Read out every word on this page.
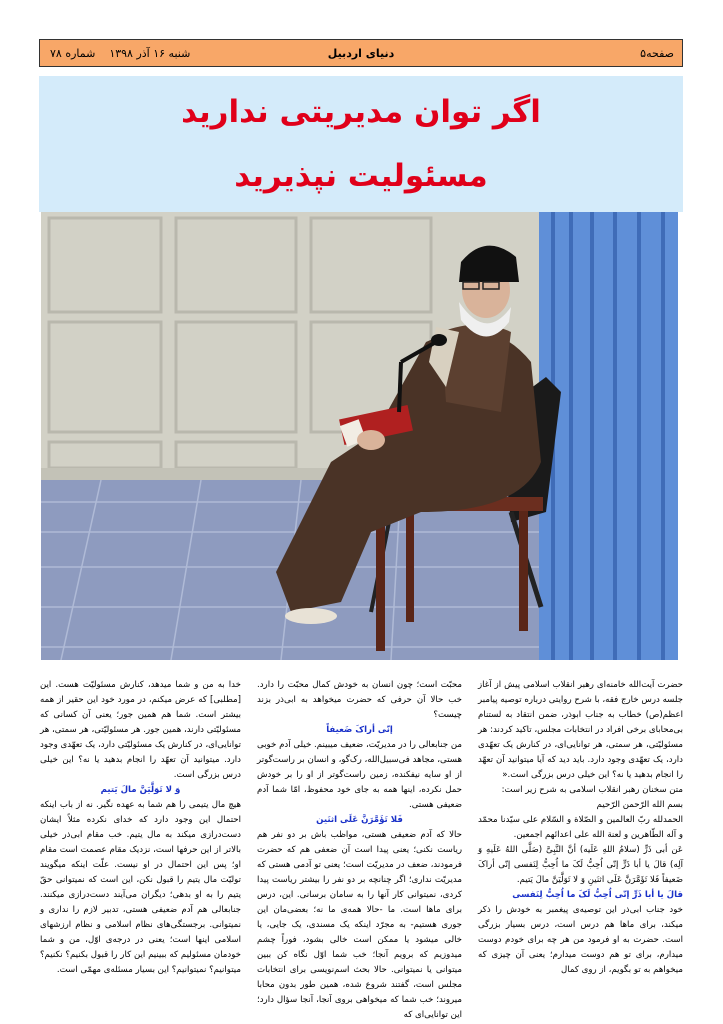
صفحه۵
دنیای اردبیل
شنبه ۱۶ آذر ۱۳۹۸    شماره ۷۸
اگر توان مدیریتی ندارید
مسئولیت نپذیرید

حضرت آیت‌الله خامنه‌ای رهبر انقلاب اسلامی پیش از آغاز جلسه درس خارج فقه، با شرح روایتی درباره توصیه پیامبر اعظم(ص) خطاب به جناب ابوذر، ضمن انتقاد به لستنام بی‌محابای برخی افراد در انتخابات مجلس، تاکید کردند: هر مسئولیّتی، هر سمتی، هر توانایی‌ای، در کنارش یک تعهّدی دارد، یک تعهّدی وجود دارد. باید دید که آیا میتوانید آن تعهّد را انجام بدهید یا نه؟ این خیلی درس بزرگی است.«

متن سخنان رهبر انقلاب اسلامی به شرح زیر است:

بسم الله الرّحمن الرّحیم

الحمدلله ربّ العالمین و الصّلاة و السّلام علی سیّدنا محمّد و آله الطّاهرین و لعنة الله علی اعدائهم اجمعین.

عَن أبی ذَرٍّ (سلامُ اللهِ عَلَیه) أنَّ النَّبِیَّ (صَلَّی اللهُ عَلَیهِ وَ آلِه) قالَ یا أبا ذَرٍّ إنّی اُحِبُّ لَکَ ما اُحِبُّ لِنَفسی إنّی أراکَ ضَعیفاً فَلا تَؤَمَّرَنَّ عَلَی اثنَینِ وَ لا تَوَلَّیَنَّ مالَ یَتیم.

قالَ یا أبا ذَرٍّ إنّی اُحِبُّ لَکَ ما اُحِبُّ لِنَفسی

خود جناب ابی‌ذر این توصیه‌ی پیغمبر به خودش را ذکر میکند، برای ماها هم درس است، درس بسیار بزرگی است. حضرت به او فرمود من هر چه برای خودم دوست میدارم، برای تو هم دوست میدارم؛ یعنی آن چیزی که میخواهم به تو بگویم، از روی کمال

محبّت است؛ چون انسان به خودش کمال محبّت را دارد. خب حالا آن حرفی که حضرت میخواهد به ابی‌ذر بزند چیست؟

إنّی أراکَ ضَعیفاً

من جنابعالی را در مدیریّت، ضعیف میبینم. خیلی آدم خوبی هستی، مجاهد فی‌سبیل‌الله، رک‌گو، و انسان بر راست‌گوتر از او سایه نیفکنده، زمین راست‌گوتر از او را بر خودش حمل نکرده، اینها همه به جای خود محفوظ، امّا شما آدم ضعیفی هستی.

فَلا تَؤَمَّرَنَّ عَلَی اثنَین

حالا که آدم ضعیفی هستی، مواظب باش بر دو نفر هم ریاست نکنی؛ یعنی پیدا است آن ضعفی هم که حضرت فرمودند، ضعف در مدیریّت است؛ یعنی تو آدمی هستی که مدیریّت نداری؛ اگر چنانچه بر دو نفر را بیشتر ریاست پیدا کردی، نمیتوانی کار آنها را به سامان برسانی. این، درس برای ماها است. ما -حالا همه‌ی ما نه؛ بعضی‌مان این جوری هستیم- به مجرّد اینکه یک مسندی، یک جایی، یا خالی میشود یا ممکن است خالی بشود، فوراً چشم میدوزیم که برویم آنجا؛ خب شما اوّل نگاه کن ببین میتوانی یا نمیتوانی. حالا بحث اسم‌نویسی برای انتخابات مجلس است، گفتند شروع شده، همین طور بدون محابا میروند؛ خب شما که میخواهی بروی آنجا، آنجا سؤال دارد؛ این توانایی‌ای که

خدا به من و شما میدهد، کنارش مسئولیّت هست. این [مطلبی] که عرض میکنم، در مورد خود این حقیر از همه بیشتر است. شما هم همین جور؛ یعنی آن کسانی که مسئولیّتی دارند، همین جور. هر مسئولیّتی، هر سمتی، هر توانایی‌ای، در کنارش یک مسئولیّتی دارد، یک تعهّدی وجود دارد. میتوانید آن تعهّد را انجام بدهید یا نه؟ این خیلی درس بزرگی است.

وَ لا تَوَلَّیَنَّ مالَ یَتیم

هیچ مال یتیمی را هم شما به عهده نگیر. نه از باب اینکه احتمال این وجود دارد که خدای نکرده مثلاً ایشان دست‌درازی میکند به مال یتیم. خب مقام ابی‌ذر خیلی بالاتر از این حرفها است، نزدیک مقام عصمت است مقام او؛ پس این احتمال در او نیست. علّت اینکه میگویند تولیّت مال یتیم را قبول نکن، این است که نمیتوانی حقّ یتیم را به او بدهی؛ دیگران می‌آیند دست‌درازی میکنند. جنابعالی هم آدم ضعیفی هستی، تدبیر لازم را نداری و نمیتوانی. برجستگی‌های نظام اسلامی و نظام ارزشهای اسلامی اینها است؛ یعنی در درجه‌ی اوّل، من و شما خودمان مسئولیم که ببینیم این کار را قبول بکنیم؟ نکنیم؟ میتوانیم؟ نمیتوانیم؟ این بسیار مسئله‌ی مهمّی است.
